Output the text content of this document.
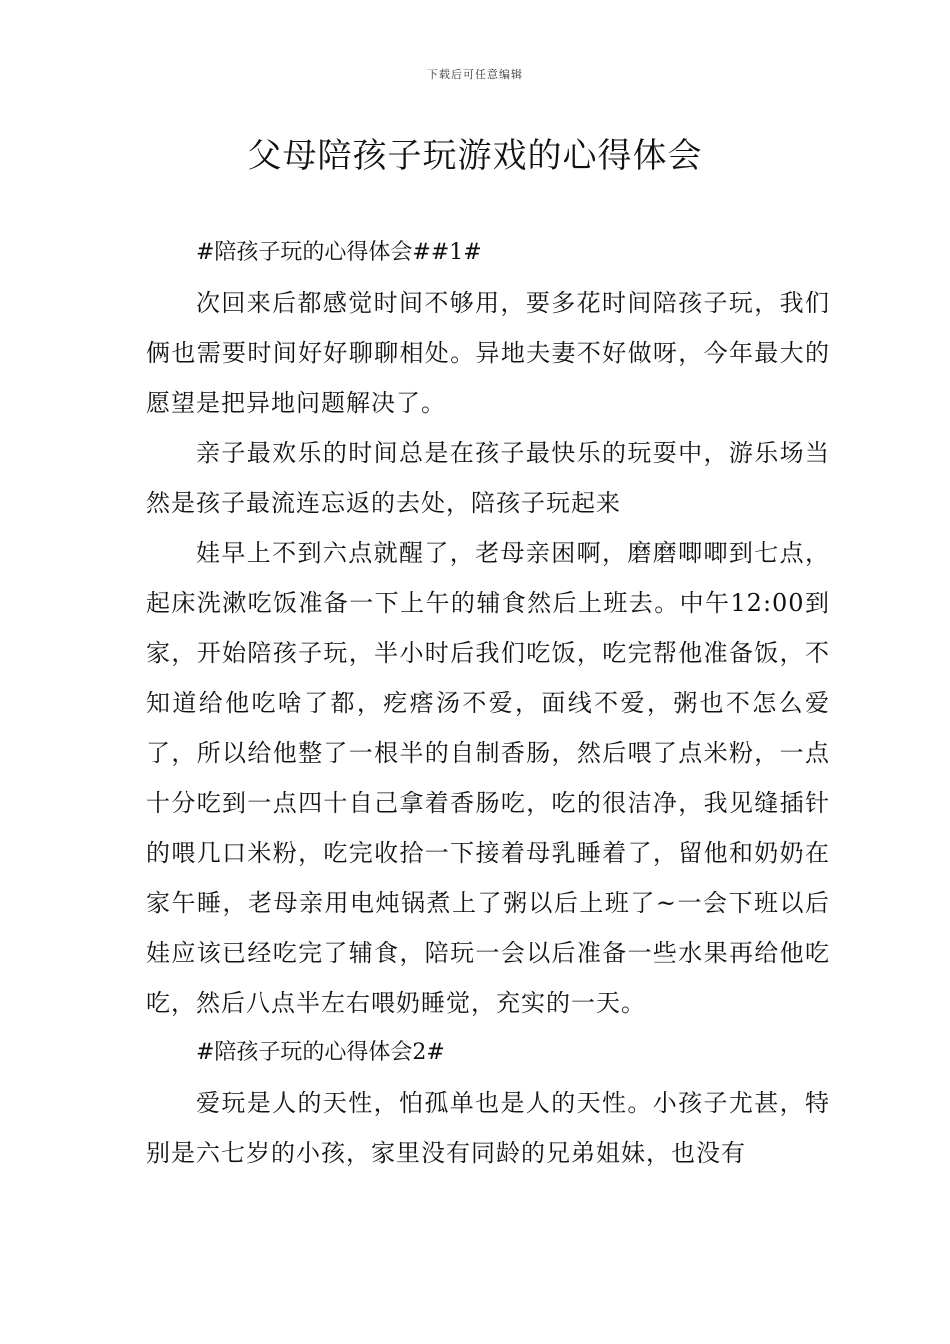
下载后可任意编辑
父母陪孩子玩游戏的心得体会

#陪孩子玩的心得体会##1#

次回来后都感觉时间不够用，要多花时间陪孩子玩，我们俩也需要时间好好聊聊相处。异地夫妻不好做呀，今年最大的愿望是把异地问题解决了。

亲子最欢乐的时间总是在孩子最快乐的玩耍中，游乐场当然是孩子最流连忘返的去处，陪孩子玩起来

娃早上不到六点就醒了，老母亲困啊，磨磨唧唧到七点，起床洗漱吃饭准备一下上午的辅食然后上班去。中午12:00到家，开始陪孩子玩，半小时后我们吃饭，吃完帮他准备饭，不知道给他吃啥了都，疙瘩汤不爱，面线不爱，粥也不怎么爱了，所以给他整了一根半的自制香肠，然后喂了点米粉，一点十分吃到一点四十自己拿着香肠吃，吃的很洁净，我见缝插针的喂几口米粉，吃完收拾一下接着母乳睡着了，留他和奶奶在家午睡，老母亲用电炖锅煮上了粥以后上班了~一会下班以后娃应该已经吃完了辅食，陪玩一会以后准备一些水果再给他吃吃，然后八点半左右喂奶睡觉，充实的一天。

#陪孩子玩的心得体会2#

爱玩是人的天性，怕孤单也是人的天性。小孩子尤甚，特别是六七岁的小孩，家里没有同龄的兄弟姐妹，也没有
